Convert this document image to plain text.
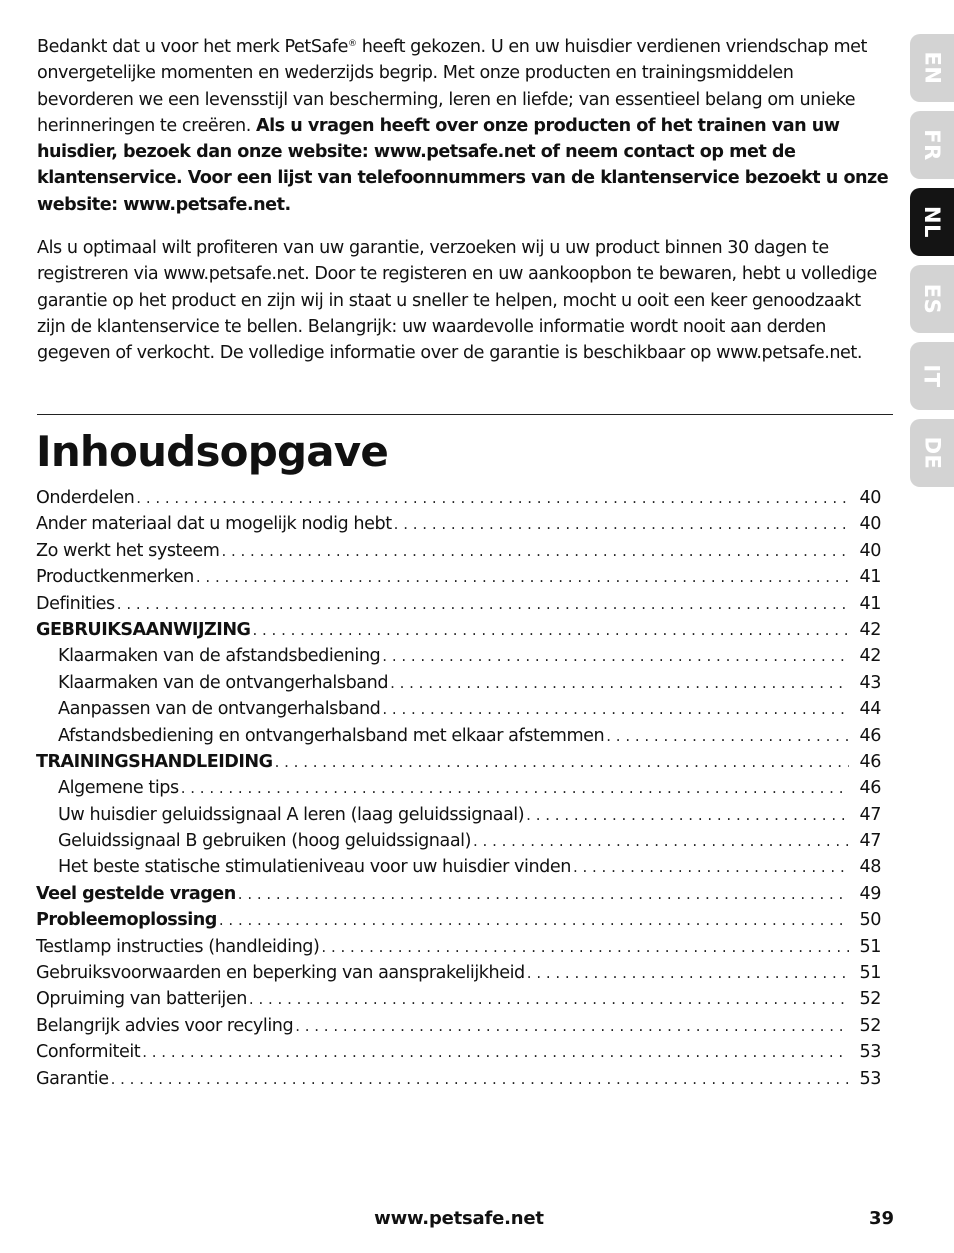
Bedankt dat u voor het merk PetSafe® heeft gekozen. U en uw huisdier verdienen vriendschap met onvergetelijke momenten en wederzijds begrip. Met onze producten en trainingsmiddelen bevorderen we een levensstijl van bescherming, leren en liefde; van essentieel belang om unieke herinneringen te creëren. Als u vragen heeft over onze producten of het trainen van uw huisdier, bezoek dan onze website: www.petsafe.net of neem contact op met de klantenservice. Voor een lijst van telefoonnummers van de klantenservice bezoekt u onze website: www.petsafe.net.

Als u optimaal wilt profiteren van uw garantie, verzoeken wij u uw product binnen 30 dagen te registreren via www.petsafe.net. Door te registeren en uw aankoopbon te bewaren, hebt u volledige garantie op het product en zijn wij in staat u sneller te helpen, mocht u ooit een keer genoodzaakt zijn de klantenservice te bellen. Belangrijk: uw waardevolle informatie wordt nooit aan derden gegeven of verkocht. De volledige informatie over de garantie is beschikbaar op www.petsafe.net.

Inhoudsopgave
Onderdelen . . .	40
Ander materiaal dat u mogelijk nodig hebt . . .	40
Zo werkt het systeem . . .	40
Productkenmerken . . .	41
Definities . . .	41
GEBRUIKSAANWIJZING . . .	42
Klaarmaken van de afstandsbediening . . .	42
Klaarmaken van de ontvangerhalsband . . .	43
Aanpassen van de ontvangerhalsband . . .	44
Afstandsbediening en ontvangerhalsband met elkaar afstemmen . . .	46
TRAININGSHANDLEIDING . . .	46
Algemene tips . . .	46
Uw huisdier geluidssignaal A leren (laag geluidssignaal) . . .	47
Geluidssignaal B gebruiken (hoog geluidssignaal) . . .	47
Het beste statische stimulatieniveau voor uw huisdier vinden . . .	48
Veel gestelde vragen . . .	49
Probleemoplossing . . .	50
Testlamp instructies (handleiding) . . .	51
Gebruiksvoorwaarden en beperking van aansprakelijkheid . . .	51
Opruiming van batterijen . . .	52
Belangrijk advies voor recyling . . .	52
Conformiteit . . .	53
Garantie . . .	53
EN
FR
NL
ES
IT
DE
www.petsafe.net	39
